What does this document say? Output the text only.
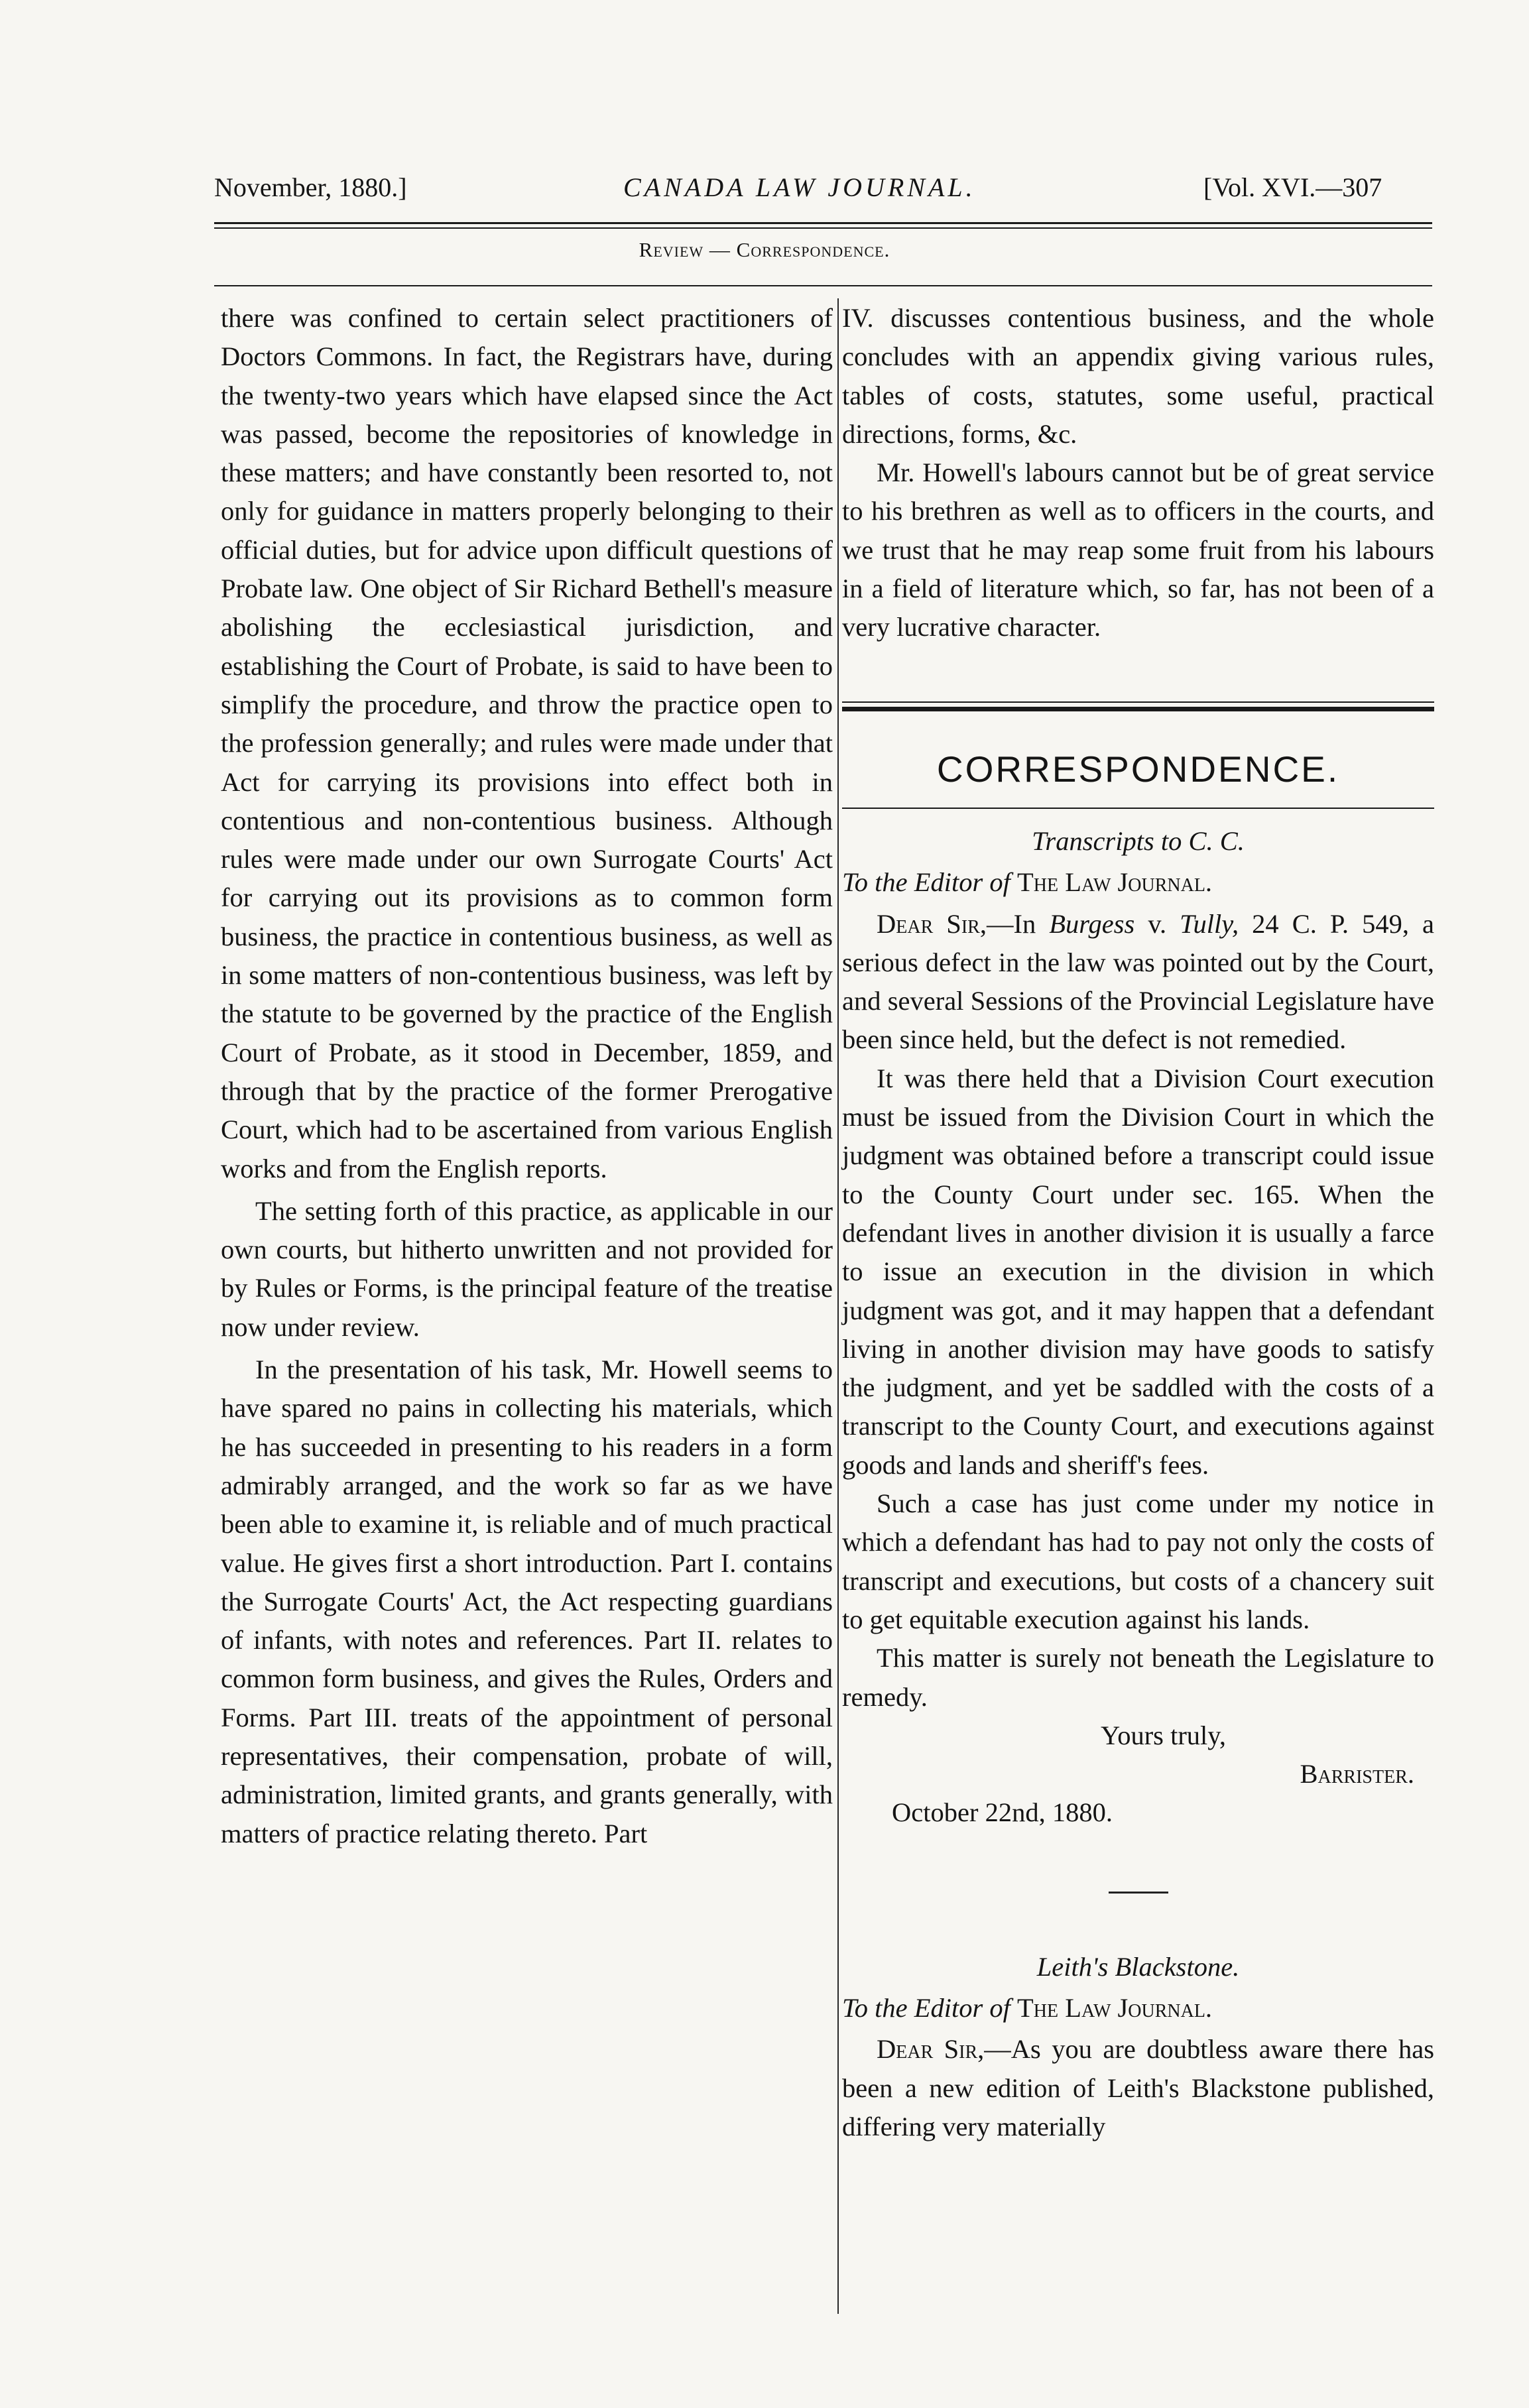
November, 1880.]	CANADA LAW JOURNAL.	[Vol. XVI.—307
Review — Correspondence.

there was confined to certain select practitioners of Doctors Commons. In fact, the Registrars have, during the twenty-two years which have elapsed since the Act was passed, become the repositories of knowledge in these matters; and have constantly been resorted to, not only for guidance in matters properly belonging to their official duties, but for advice upon difficult questions of Probate law. One object of Sir Richard Bethell's measure abolishing the ecclesiastical jurisdiction, and establishing the Court of Probate, is said to have been to simplify the procedure, and throw the practice open to the profession generally; and rules were made under that Act for carrying its provisions into effect both in contentious and non-contentious business. Although rules were made under our own Surrogate Courts' Act for carrying out its provisions as to common form business, the practice in contentious business, as well as in some matters of non-contentious business, was left by the statute to be governed by the practice of the English Court of Probate, as it stood in December, 1859, and through that by the practice of the former Prerogative Court, which had to be ascertained from various English works and from the English reports.

The setting forth of this practice, as applicable in our own courts, but hitherto unwritten and not provided for by Rules or Forms, is the principal feature of the treatise now under review.

In the presentation of his task, Mr. Howell seems to have spared no pains in collecting his materials, which he has succeeded in presenting to his readers in a form admirably arranged, and the work so far as we have been able to examine it, is reliable and of much practical value. He gives first a short introduction. Part I. contains the Surrogate Courts' Act, the Act respecting guardians of infants, with notes and references. Part II. relates to common form business, and gives the Rules, Orders and Forms. Part III. treats of the appointment of personal representatives, their compensation, probate of will, administration, limited grants, and grants generally, with matters of practice relating thereto. Part

IV. discusses contentious business, and the whole concludes with an appendix giving various rules, tables of costs, statutes, some useful, practical directions, forms, &c.

Mr. Howell's labours cannot but be of great service to his brethren as well as to officers in the courts, and we trust that he may reap some fruit from his labours in a field of literature which, so far, has not been of a very lucrative character.

CORRESPONDENCE.

Transcripts to C. C.

To the Editor of The Law Journal.

Dear Sir,—In Burgess v. Tully, 24 C. P. 549, a serious defect in the law was pointed out by the Court, and several Sessions of the Provincial Legislature have been since held, but the defect is not remedied.

It was there held that a Division Court execution must be issued from the Division Court in which the judgment was obtained before a transcript could issue to the County Court under sec. 165. When the defendant lives in another division it is usually a farce to issue an execution in the division in which judgment was got, and it may happen that a defendant living in another division may have goods to satisfy the judgment, and yet be saddled with the costs of a transcript to the County Court, and executions against goods and lands and sheriff's fees.

Such a case has just come under my notice in which a defendant has had to pay not only the costs of transcript and executions, but costs of a chancery suit to get equitable execution against his lands.

This matter is surely not beneath the Legislature to remedy.

Yours truly,

Barrister.

October 22nd, 1880.

Leith's Blackstone.

To the Editor of The Law Journal.

Dear Sir,—As you are doubtless aware there has been a new edition of Leith's Blackstone published, differing very materially
